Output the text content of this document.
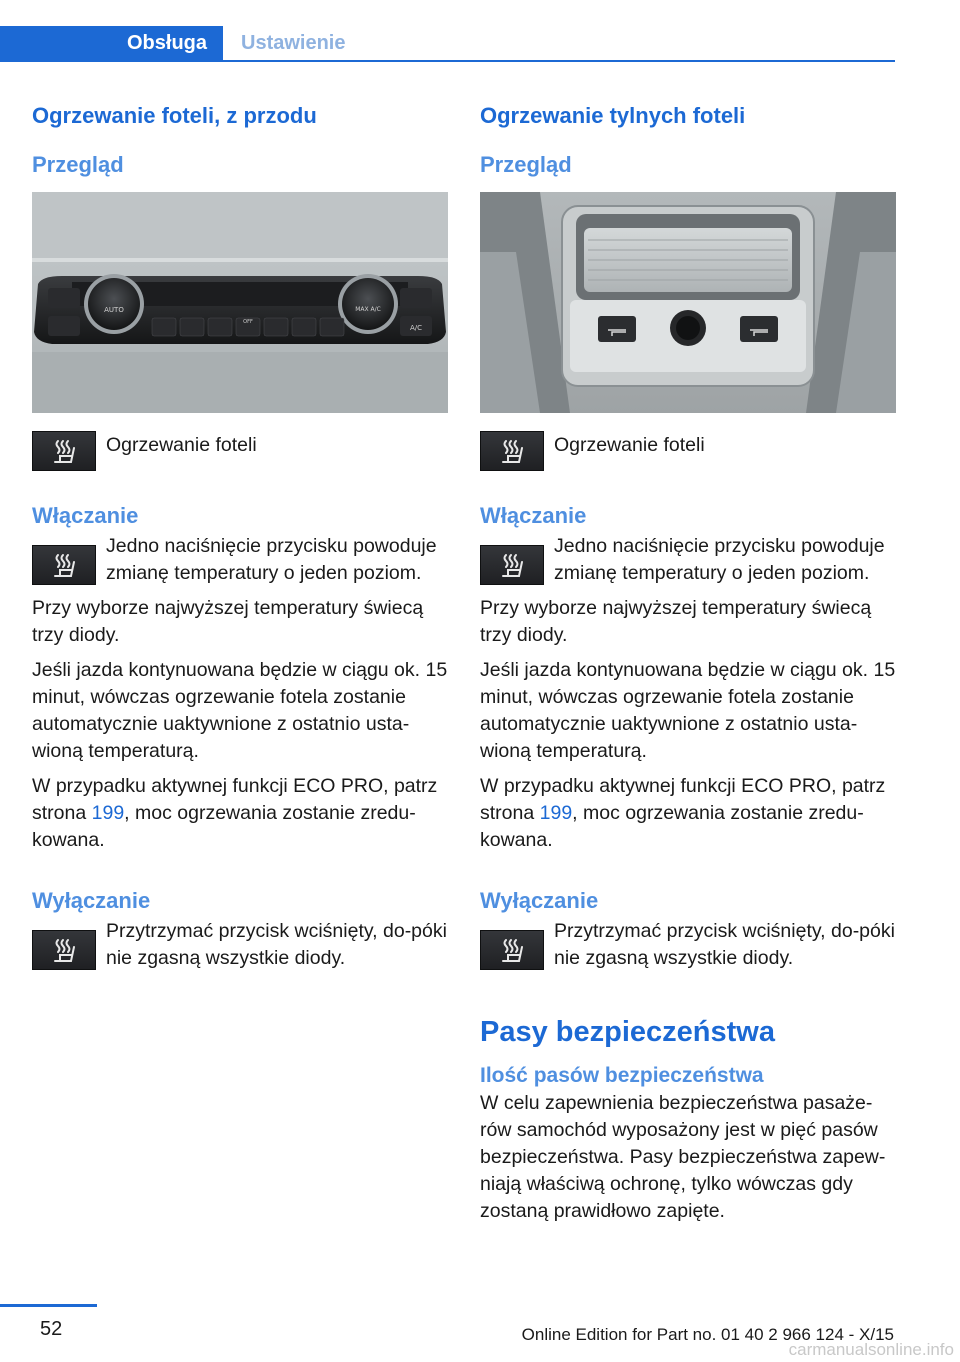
Obsługa	Ustawienie
Ogrzewanie foteli, z przodu
Przegląd
AUTO	MAX A/C
A/C
OFF
Ogrzewanie foteli
Włączanie
Jedno naciśnięcie przycisku powoduje zmianę temperatury o jeden poziom.

Przy wyborze najwyższej temperatury świecą trzy diody.

Jeśli jazda kontynuowana będzie w ciągu ok. 15 minut, wówczas ogrzewanie fotela zostanie automatycznie uaktywnione z ostatnio usta-wioną temperaturą.

W przypadku aktywnej funkcji ECO PRO, patrz strona 199, moc ogrzewania zostanie zredu-kowana.

Wyłączanie
Przytrzymać przycisk wciśnięty, do-póki nie zgasną wszystkie diody.
Ogrzewanie tylnych foteli
Przegląd
Ogrzewanie foteli
Włączanie
Jedno naciśnięcie przycisku powoduje zmianę temperatury o jeden poziom.

Przy wyborze najwyższej temperatury świecą trzy diody.

Jeśli jazda kontynuowana będzie w ciągu ok. 15 minut, wówczas ogrzewanie fotela zostanie automatycznie uaktywnione z ostatnio usta-wioną temperaturą.

W przypadku aktywnej funkcji ECO PRO, patrz strona 199, moc ogrzewania zostanie zredu-kowana.

Wyłączanie
Przytrzymać przycisk wciśnięty, do-póki nie zgasną wszystkie diody.
Pasy bezpieczeństwa
Ilość pasów bezpieczeństwa

W celu zapewnienia bezpieczeństwa pasaże-rów samochód wyposażony jest w pięć pasów bezpieczeństwa. Pasy bezpieczeństwa zapew-niają właściwą ochronę, tylko wówczas gdy zostaną prawidłowo zapięte.

52	Online Edition for Part no. 01 40 2 966 124 - X/15
carmanualsonline.info
